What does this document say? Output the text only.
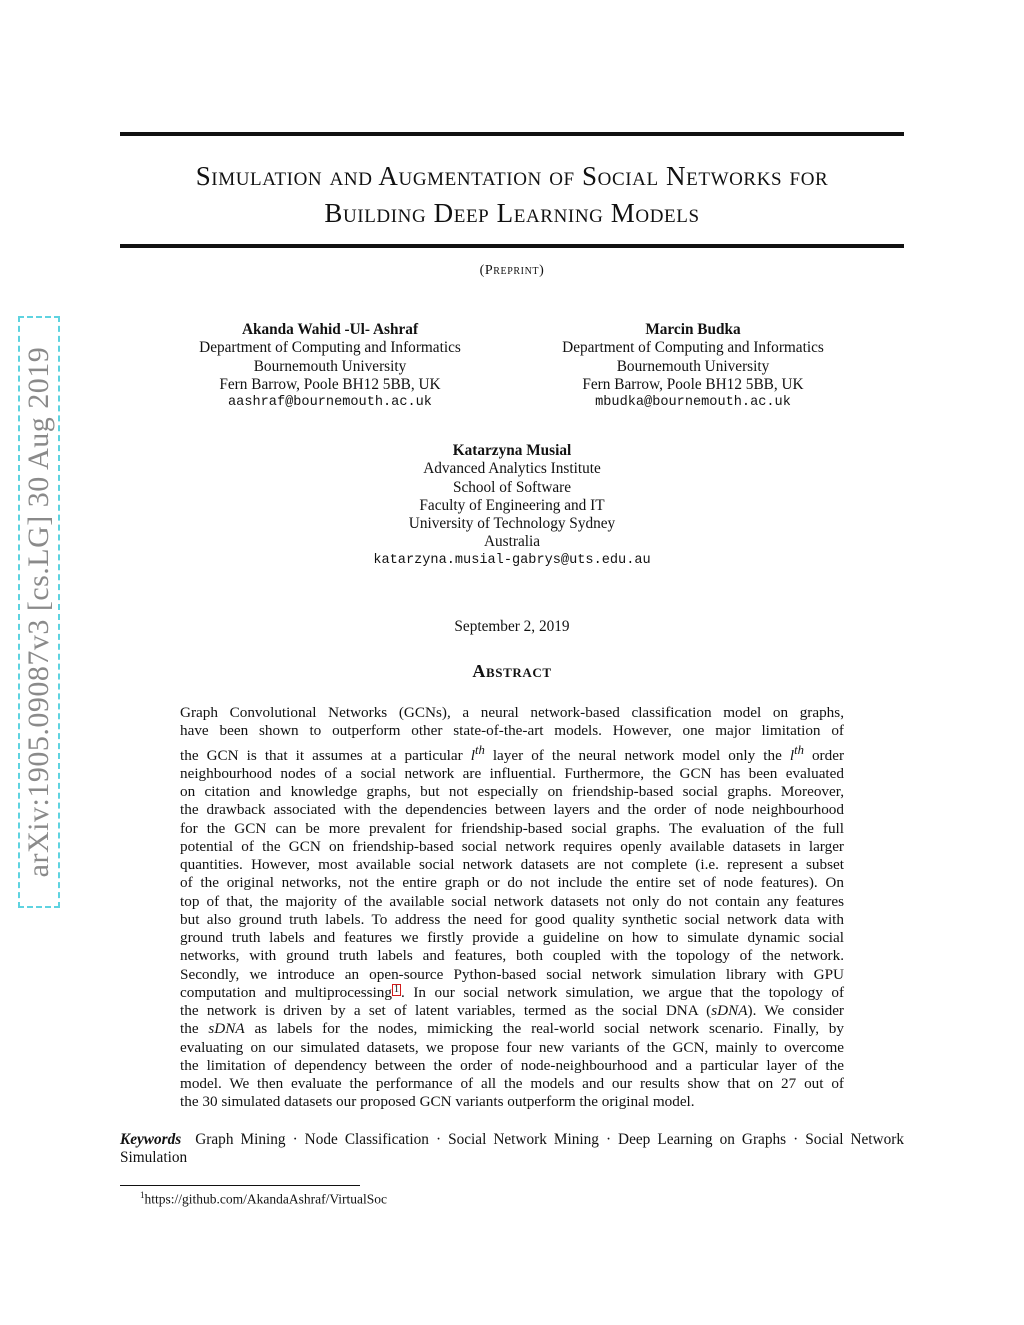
Simulation and Augmentation of Social Networks for
Building Deep Learning Models
(Preprint)
Akanda Wahid -Ul- Ashraf
Department of Computing and Informatics
Bournemouth University
Fern Barrow, Poole BH12 5BB, UK
aashraf@bournemouth.ac.uk
Marcin Budka
Department of Computing and Informatics
Bournemouth University
Fern Barrow, Poole BH12 5BB, UK
mbudka@bournemouth.ac.uk
Katarzyna Musial
Advanced Analytics Institute
School of Software
Faculty of Engineering and IT
University of Technology Sydney
Australia
katarzyna.musial-gabrys@uts.edu.au
September 2, 2019
Abstract
Graph Convolutional Networks (GCNs), a neural network-based classification model on graphs,
have been shown to outperform other state-of-the-art models. However, one major limitation of
the GCN is that it assumes at a particular $l^{th}$ layer of the neural network model only the $l^{th}$ order
neighbourhood nodes of a social network are influential. Furthermore, the GCN has been evaluated
on citation and knowledge graphs, but not especially on friendship-based social graphs. Moreover,
the drawback associated with the dependencies between layers and the order of node neighbourhood
for the GCN can be more prevalent for friendship-based social graphs. The evaluation of the full
potential of the GCN on friendship-based social network requires openly available datasets in larger
quantities. However, most available social network datasets are not complete (i.e. represent a subset
of the original networks, not the entire graph or do not include the entire set of node features). On
top of that, the majority of the available social network datasets not only do not contain any features
but also ground truth labels. To address the need for good quality synthetic social network data with
ground truth labels and features we firstly provide a guideline on how to simulate dynamic social
networks, with ground truth labels and features, both coupled with the topology of the network.
Secondly, we introduce an open-source Python-based social network simulation library with GPU
computation and multiprocessing 1 . In our social network simulation, we argue that the topology of
the network is driven by a set of latent variables, termed as the social DNA (sDNA). We consider
the sDNA as labels for the nodes, mimicking the real-world social network scenario. Finally, by
evaluating on our simulated datasets, we propose four new variants of the GCN, mainly to overcome
the limitation of dependency between the order of node-neighbourhood and a particular layer of the
model. We then evaluate the performance of all the models and our results show that on 27 out of
the 30 simulated datasets our proposed GCN variants outperform the original model.
Keywords Graph Mining · Node Classification · Social Network Mining · Deep Learning on Graphs · Social Network
Simulation
$^1$https://github.com/AkandaAshraf/VirtualSoc
arXiv:1905.09087v3 [cs.LG] 30 Aug 2019
